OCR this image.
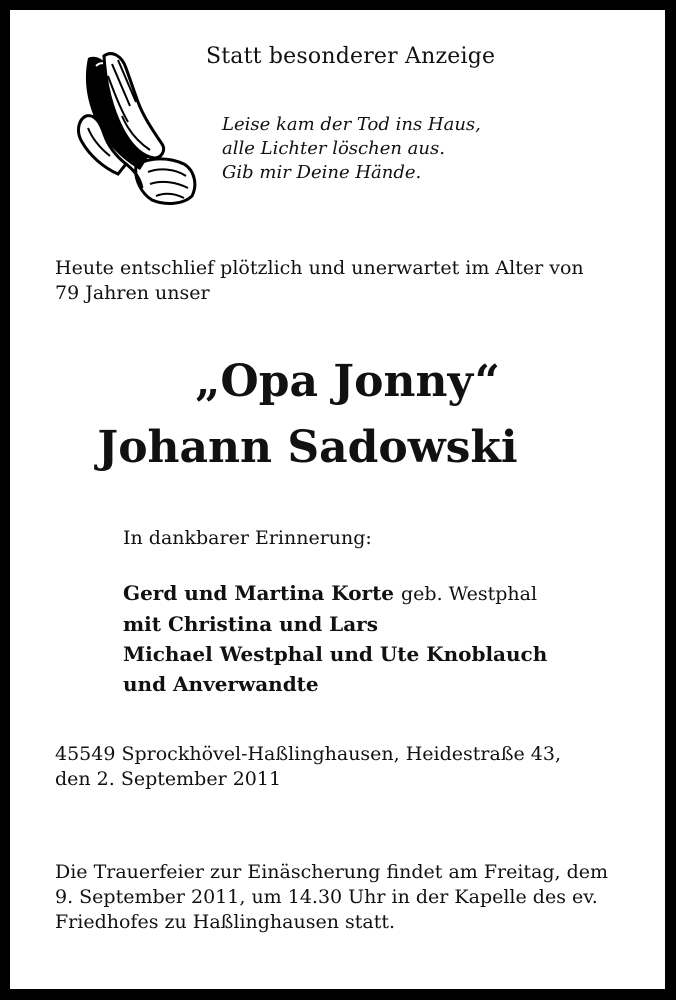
Statt besonderer Anzeige
Leise kam der Tod ins Haus,
alle Lichter löschen aus.
Gib mir Deine Hände.
Heute entschlief plötzlich und unerwartet im Alter von
79 Jahren unser
„Opa Jonny“
Johann Sadowski
In dankbarer Erinnerung:
Gerd und Martina Korte geb. Westphal
mit Christina und Lars
Michael Westphal und Ute Knoblauch
und Anverwandte
45549 Sprockhövel-Haßlinghausen, Heidestraße 43,
den 2. September 2011
Die Trauerfeier zur Einäscherung findet am Freitag, dem
9. September 2011, um 14.30 Uhr in der Kapelle des ev.
Friedhofes zu Haßlinghausen statt.
